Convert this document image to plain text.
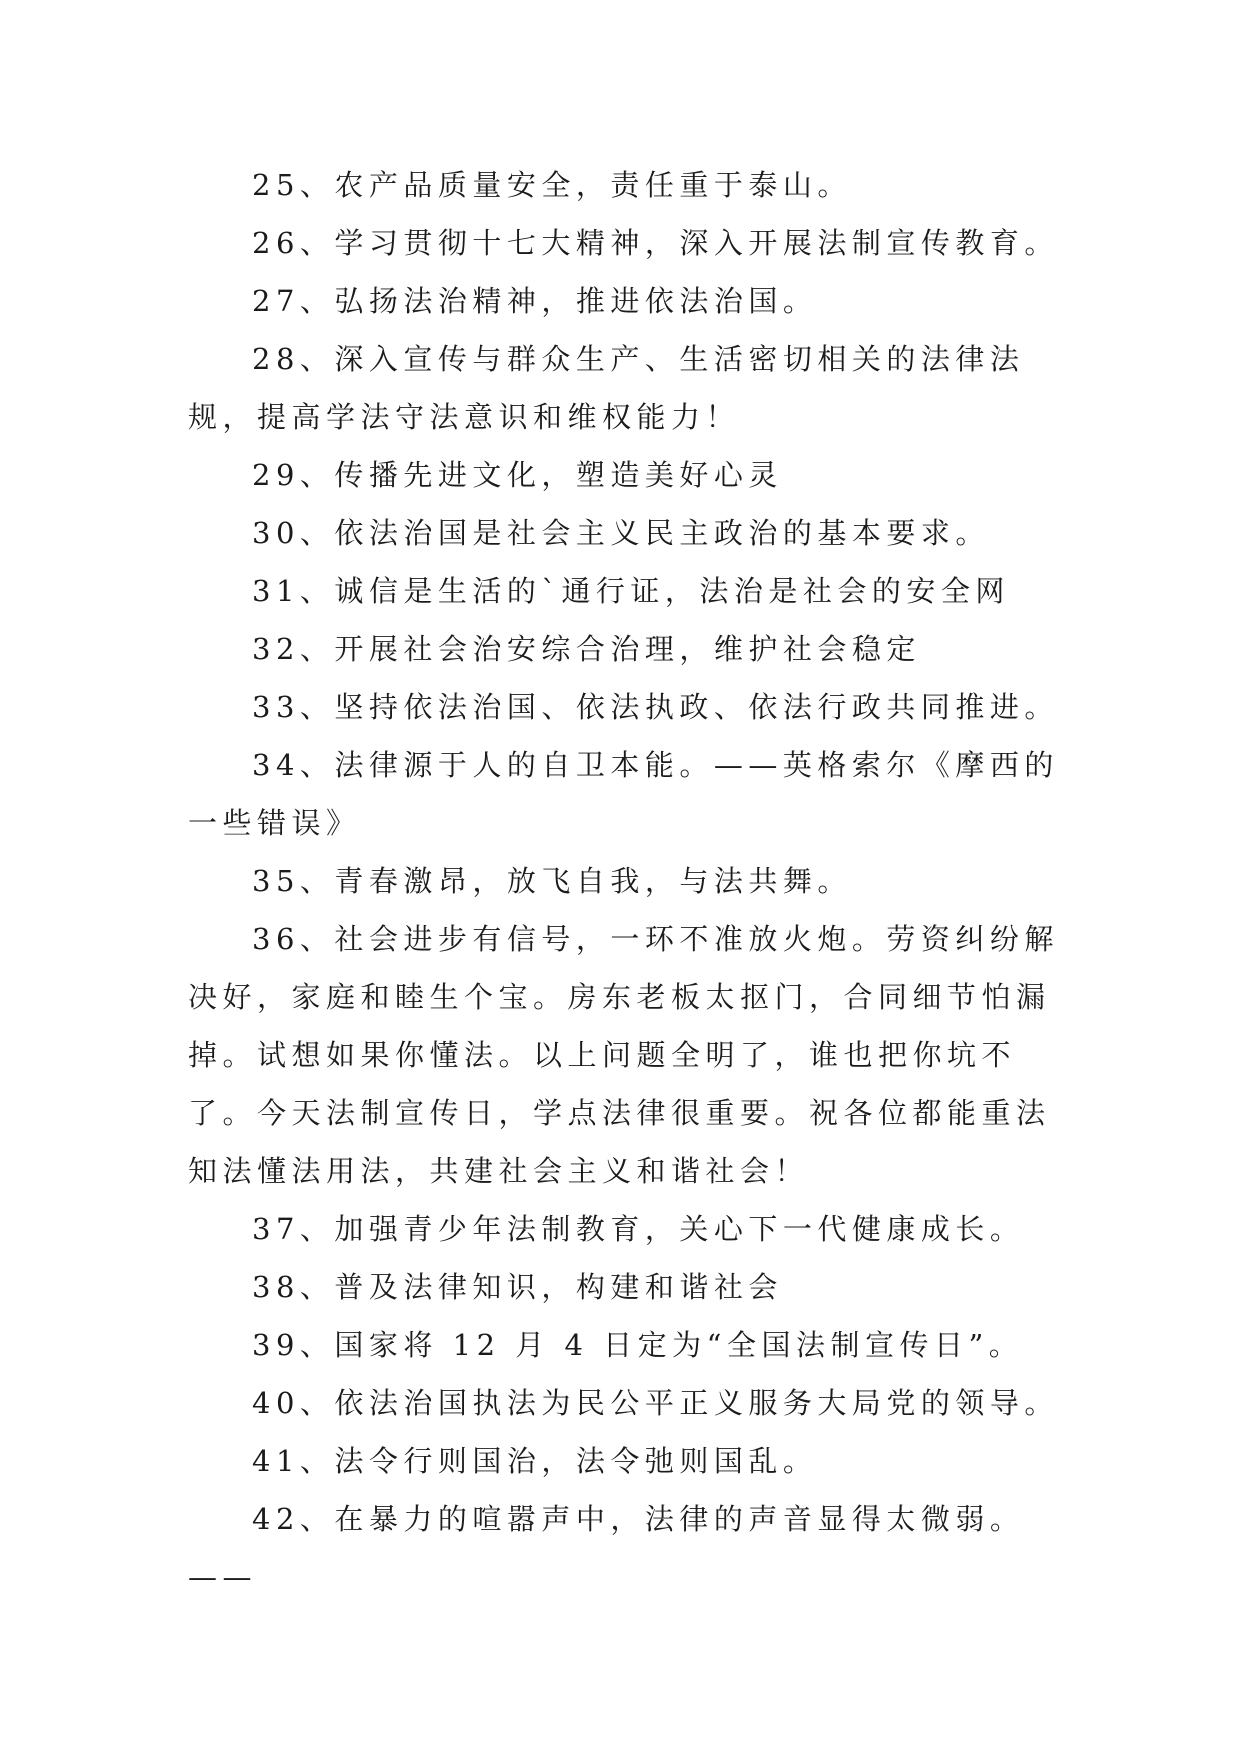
25、农产品质量安全，责任重于泰山。

26、学习贯彻十七大精神，深入开展法制宣传教育。

27、弘扬法治精神，推进依法治国。

28、深入宣传与群众生产、生活密切相关的法律法规，提高学法守法意识和维权能力！

29、传播先进文化，塑造美好心灵

30、依法治国是社会主义民主政治的基本要求。

31、诚信是生活的`通行证，法治是社会的安全网

32、开展社会治安综合治理，维护社会稳定

33、坚持依法治国、依法执政、依法行政共同推进。

34、法律源于人的自卫本能。——英格索尔《摩西的一些错误》

35、青春激昂，放飞自我，与法共舞。

36、社会进步有信号，一环不准放火炮。劳资纠纷解决好，家庭和睦生个宝。房东老板太抠门，合同细节怕漏掉。试想如果你懂法。以上问题全明了，谁也把你坑不了。今天法制宣传日，学点法律很重要。祝各位都能重法知法懂法用法，共建社会主义和谐社会！

37、加强青少年法制教育，关心下一代健康成长。

38、普及法律知识，构建和谐社会

39、国家将 12 月 4 日定为“全国法制宣传日”。

40、依法治国执法为民公平正义服务大局党的领导。

41、法令行则国治，法令弛则国乱。

42、在暴力的喧嚣声中，法律的声音显得太微弱。——
